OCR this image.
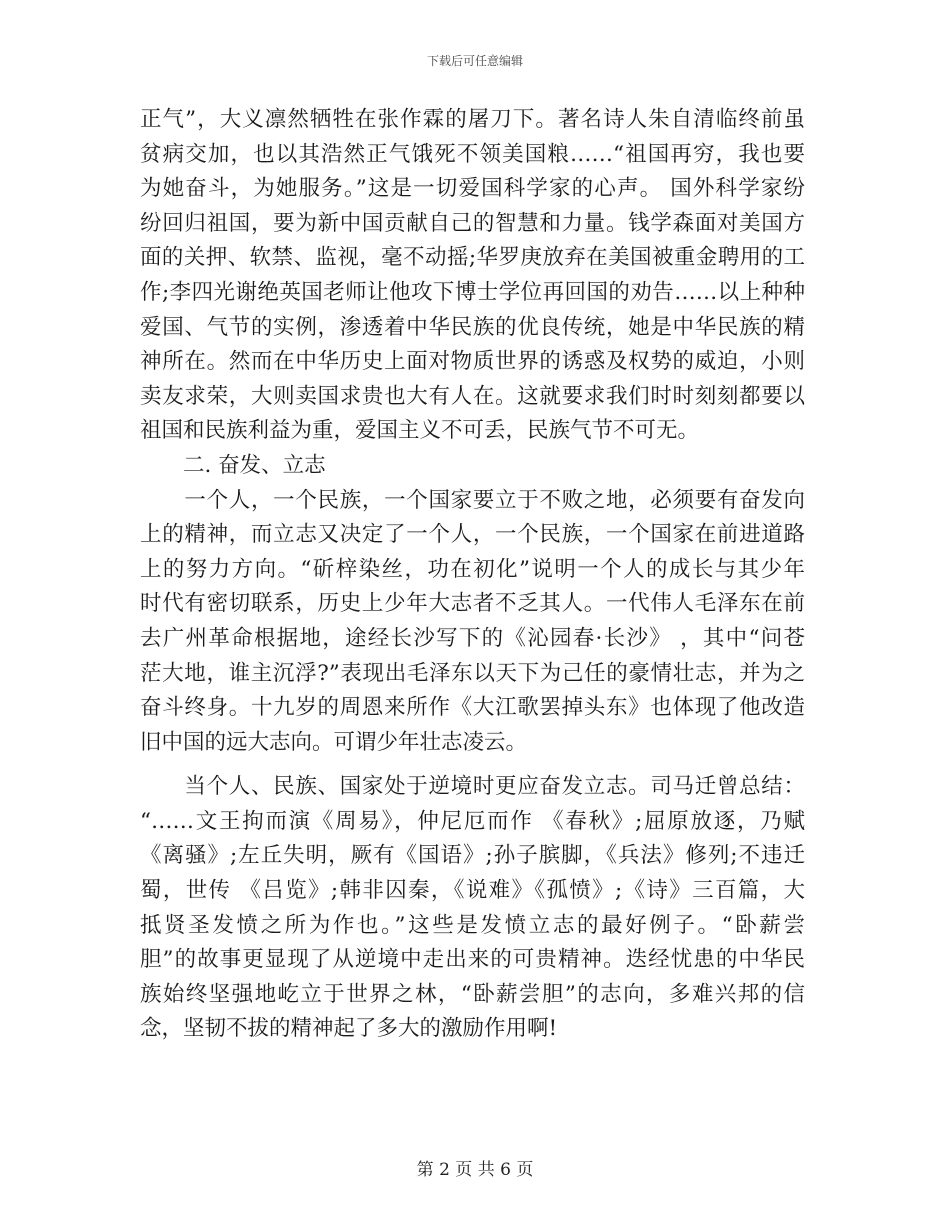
下载后可任意编辑
正气”，大义凛然牺牲在张作霖的屠刀下。著名诗人朱自清临终前虽
贫病交加，也以其浩然正气饿死不领美国粮……“祖国再穷，我也要
为她奋斗，为她服务。”这是一切爱国科学家的心声。 国外科学家纷
纷回归祖国，要为新中国贡献自己的智慧和力量。钱学森面对美国方
面的关押、软禁、监视，毫不动摇;华罗庚放弃在美国被重金聘用的工
作;李四光谢绝英国老师让他攻下博士学位再回国的劝告……以上种种
爱国、气节的实例，渗透着中华民族的优良传统，她是中华民族的精
神所在。然而在中华历史上面对物质世界的诱惑及权势的威迫，小则
卖友求荣，大则卖国求贵也大有人在。这就要求我们时时刻刻都要以
祖国和民族利益为重，爱国主义不可丢，民族气节不可无。
　　二. 奋发、立志
　　一个人，一个民族，一个国家要立于不败之地，必须要有奋发向
上的精神，而立志又决定了一个人，一个民族，一个国家在前进道路
上的努力方向。“斫梓染丝，功在初化”说明一个人的成长与其少年
时代有密切联系，历史上少年大志者不乏其人。一代伟人毛泽东在前
去广州革命根据地，途经长沙写下的《沁园春·长沙》 ，其中“问苍
茫大地，谁主沉浮?”表现出毛泽东以天下为己任的豪情壮志，并为之
奋斗终身。十九岁的周恩来所作《大江歌罢掉头东》也体现了他改造
旧中国的远大志向。可谓少年壮志凌云。
　　当个人、民族、国家处于逆境时更应奋发立志。司马迁曾总结：
“……文王拘而演《周易》，仲尼厄而作 《春秋》;屈原放逐，乃赋
《离骚》;左丘失明，厥有《国语》;孙子膑脚，《兵法》修列;不违迁
蜀，世传 《吕览》;韩非囚秦，《说难》《孤愤》;《诗》三百篇，大
抵贤圣发愤之所为作也。”这些是发愤立志的最好例子。“卧薪尝
胆”的故事更显现了从逆境中走出来的可贵精神。迭经忧患的中华民
族始终坚强地屹立于世界之林，“卧薪尝胆”的志向，多难兴邦的信
念，坚韧不拔的精神起了多大的激励作用啊!
第 2 页 共 6 页
